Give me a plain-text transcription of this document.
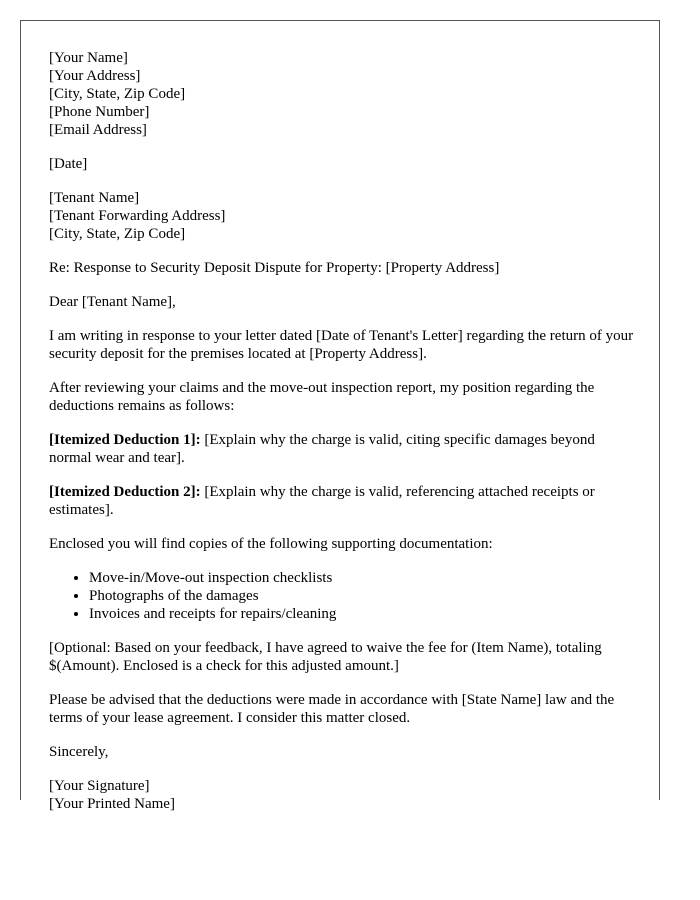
[Your Name]
[Your Address]
[City, State, Zip Code]
[Phone Number]
[Email Address]

[Date]

[Tenant Name]
[Tenant Forwarding Address]
[City, State, Zip Code]

Re: Response to Security Deposit Dispute for Property: [Property Address]

Dear [Tenant Name],

I am writing in response to your letter dated [Date of Tenant's Letter] regarding the return of your security deposit for the premises located at [Property Address].

After reviewing your claims and the move-out inspection report, my position regarding the deductions remains as follows:

[Itemized Deduction 1]: [Explain why the charge is valid, citing specific damages beyond normal wear and tear].

[Itemized Deduction 2]: [Explain why the charge is valid, referencing attached receipts or estimates].

Enclosed you will find copies of the following supporting documentation:

• Move-in/Move-out inspection checklists
• Photographs of the damages
• Invoices and receipts for repairs/cleaning

[Optional: Based on your feedback, I have agreed to waive the fee for (Item Name), totaling $(Amount). Enclosed is a check for this adjusted amount.]

Please be advised that the deductions were made in accordance with [State Name] law and the terms of your lease agreement. I consider this matter closed.

Sincerely,

[Your Signature]
[Your Printed Name]
